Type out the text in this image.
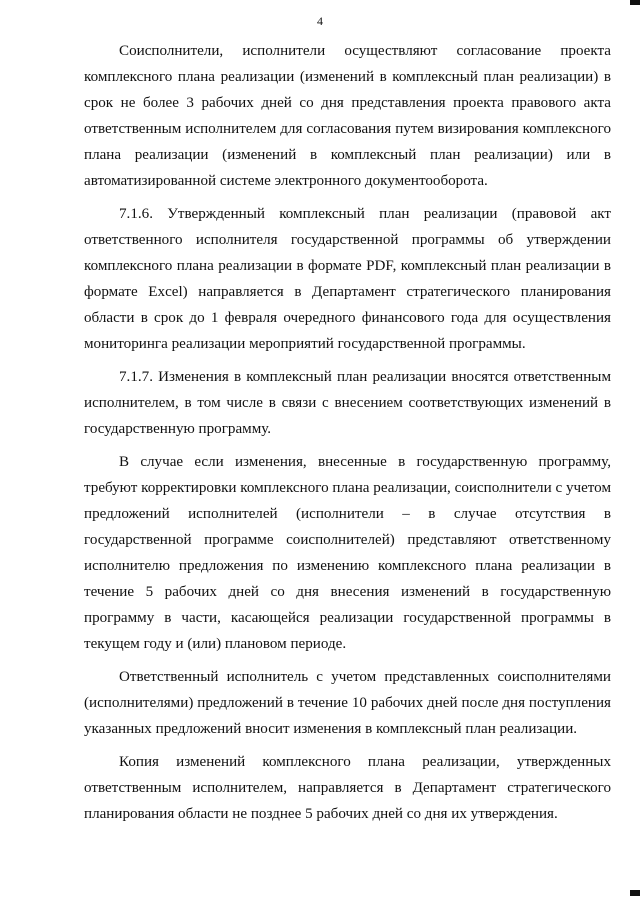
4

Соисполнители, исполнители осуществляют согласование проекта комплексного плана реализации (изменений в комплексный план реализации) в срок не более 3 рабочих дней со дня представления проекта правового акта ответственным исполнителем для согласования путем визирования комплексного плана реализации (изменений в комплексный план реализации) или в автоматизированной системе электронного документооборота.

7.1.6. Утвержденный комплексный план реализации (правовой акт ответственного исполнителя государственной программы об утверждении комплексного плана реализации в формате PDF, комплексный план реализации в формате Excel) направляется в Департамент стратегического планирования области в срок до 1 февраля очередного финансового года для осуществления мониторинга реализации мероприятий государственной программы.

7.1.7. Изменения в комплексный план реализации вносятся ответственным исполнителем, в том числе в связи с внесением соответствующих изменений в государственную программу.

В случае если изменения, внесенные в государственную программу, требуют корректировки комплексного плана реализации, соисполнители с учетом предложений исполнителей (исполнители – в случае отсутствия в государственной программе соисполнителей) представляют ответственному исполнителю предложения по изменению комплексного плана реализации в течение 5 рабочих дней со дня внесения изменений в государственную программу в части, касающейся реализации государственной программы в текущем году и (или) плановом периоде.

Ответственный исполнитель с учетом представленных соисполнителями (исполнителями) предложений в течение 10 рабочих дней после дня поступления указанных предложений вносит изменения в комплексный план реализации.

Копия изменений комплексного плана реализации, утвержденных ответственным исполнителем, направляется в Департамент стратегического планирования области не позднее 5 рабочих дней со дня их утверждения.
